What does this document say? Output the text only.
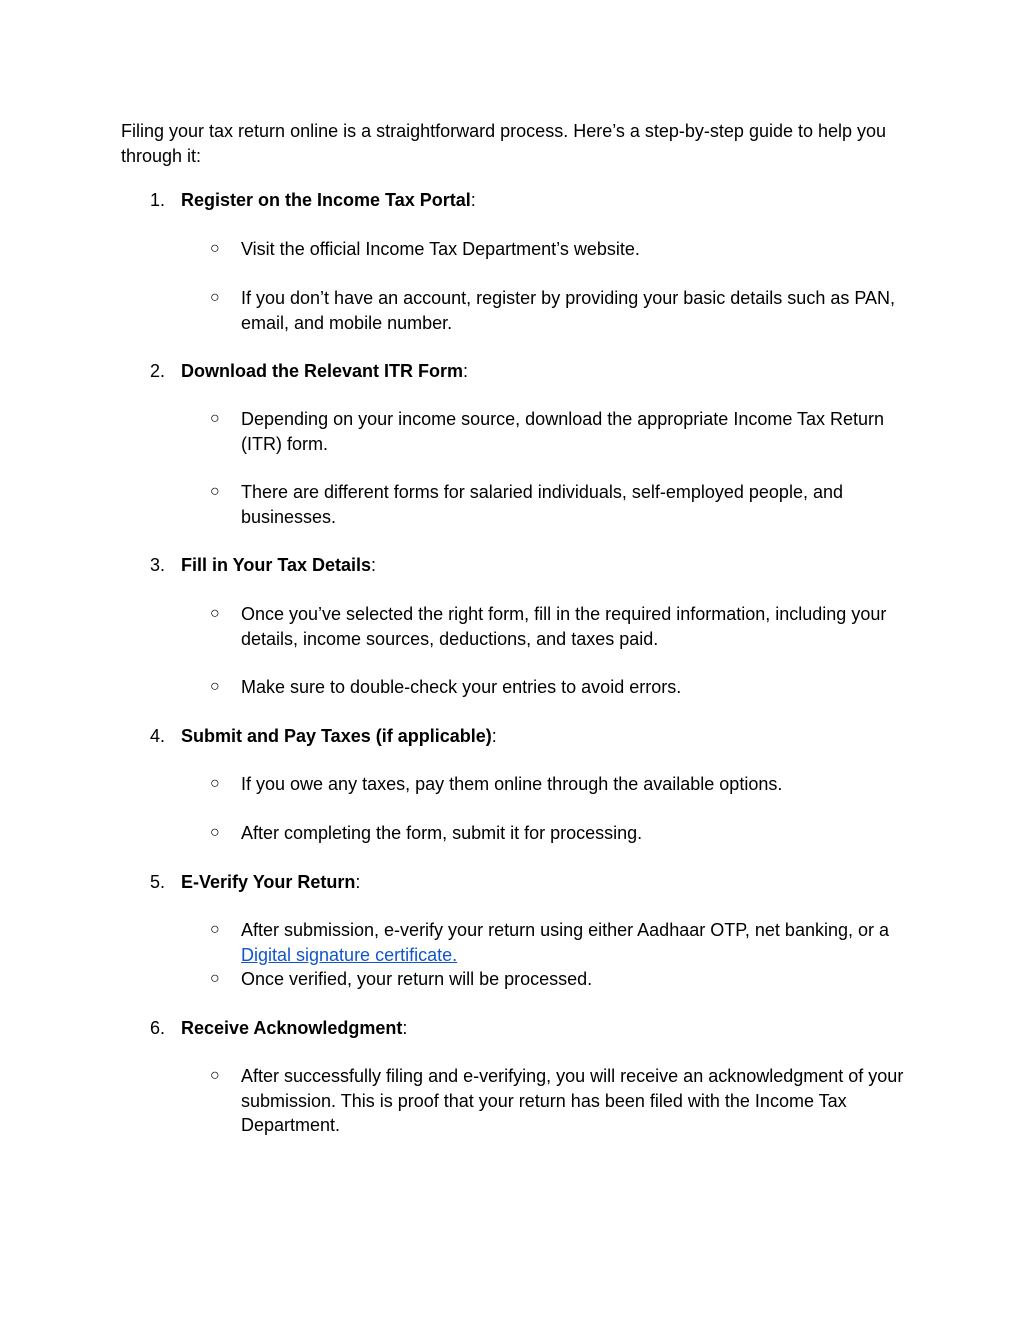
Filing your tax return online is a straightforward process. Here’s a step-by-step guide to help you through it:

1. Register on the Income Tax Portal:
○	Visit the official Income Tax Department’s website.
○	If you don’t have an account, register by providing your basic details such as PAN, email, and mobile number.
2. Download the Relevant ITR Form:
○	Depending on your income source, download the appropriate Income Tax Return (ITR) form.
○	There are different forms for salaried individuals, self-employed people, and businesses.
3. Fill in Your Tax Details:
○	Once you’ve selected the right form, fill in the required information, including your details, income sources, deductions, and taxes paid.
○	Make sure to double-check your entries to avoid errors.
4. Submit and Pay Taxes (if applicable):
○	If you owe any taxes, pay them online through the available options.
○	After completing the form, submit it for processing.
5. E-Verify Your Return:
○	After submission, e-verify your return using either Aadhaar OTP, net banking, or a Digital signature certificate.
○	Once verified, your return will be processed.
6. Receive Acknowledgment:
○	After successfully filing and e-verifying, you will receive an acknowledgment of your submission. This is proof that your return has been filed with the Income Tax Department.
